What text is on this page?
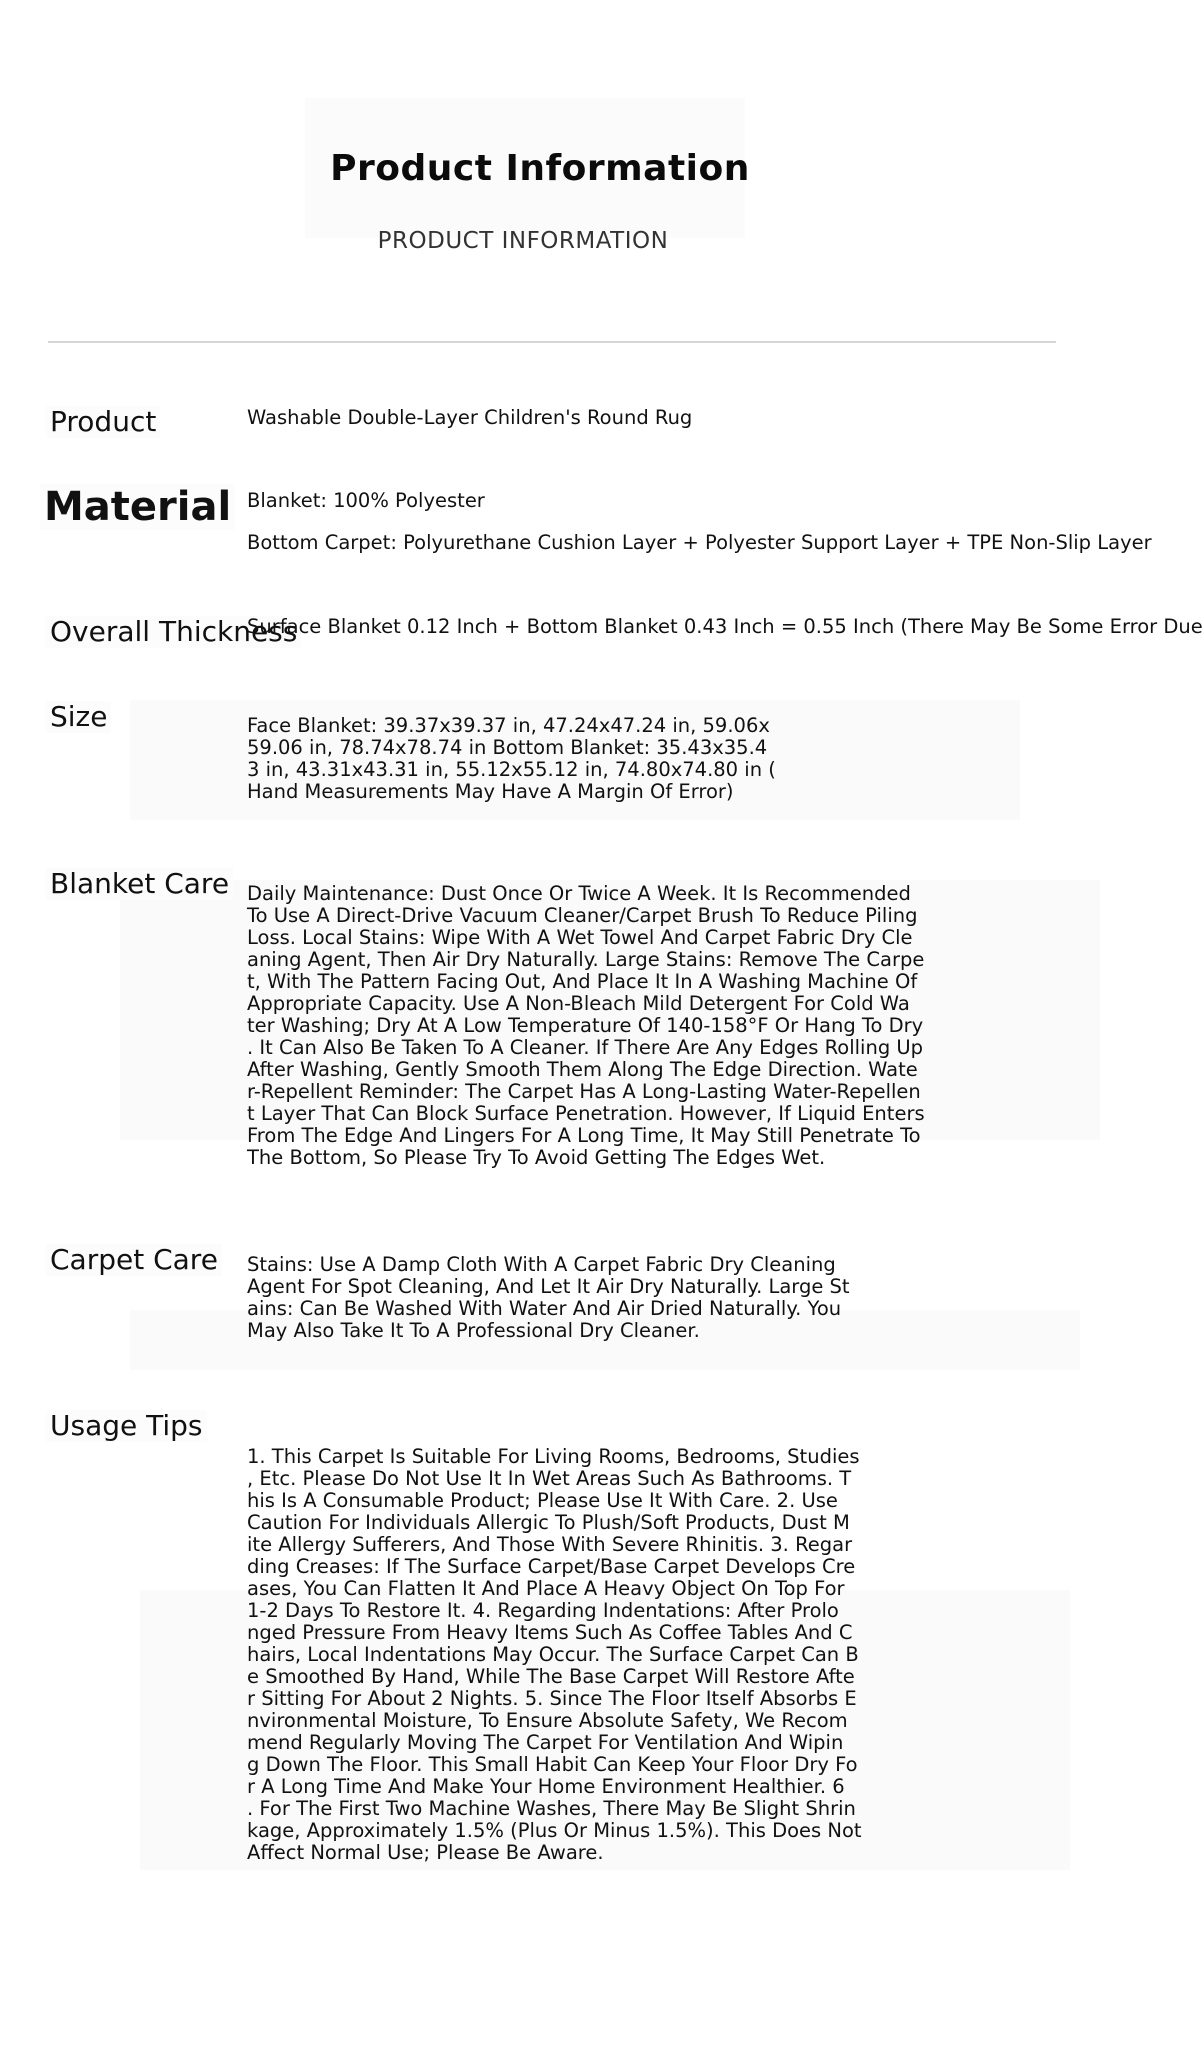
Product Information
PRODUCT INFORMATION
Product	Washable Double-Layer Children's Round Rug
Material Blanket: 100% Polyester
Bottom Carpet: Polyurethane Cushion Layer + Polyester Support Layer + TPE Non-Slip Layer
Overall Thickness
Surface Blanket 0.12 Inch + Bottom Blanket 0.43 Inch = 0.55 Inch (There May Be Some Error Due
Size	Face Blanket: 39.37x39.37 in, 47.24x47.24 in, 59.06x
59.06 in, 78.74x78.74 in Bottom Blanket: 35.43x35.4
3 in, 43.31x43.31 in, 55.12x55.12 in, 74.80x74.80 in (
Hand Measurements May Have A Margin Of Error)
Blanket Care Daily Maintenance: Dust Once Or Twice A Week. It Is Recommended
To Use A Direct-Drive Vacuum Cleaner/Carpet Brush To Reduce Piling
Loss. Local Stains: Wipe With A Wet Towel And Carpet Fabric Dry Cle
aning Agent, Then Air Dry Naturally. Large Stains: Remove The Carpe
t, With The Pattern Facing Out, And Place It In A Washing Machine Of
Appropriate Capacity. Use A Non-Bleach Mild Detergent For Cold Wa
ter Washing; Dry At A Low Temperature Of 140-158°F Or Hang To Dry
. It Can Also Be Taken To A Cleaner. If There Are Any Edges Rolling Up
After Washing, Gently Smooth Them Along The Edge Direction. Wate
r-Repellent Reminder: The Carpet Has A Long-Lasting Water-Repellen
t Layer That Can Block Surface Penetration. However, If Liquid Enters
From The Edge And Lingers For A Long Time, It May Still Penetrate To
The Bottom, So Please Try To Avoid Getting The Edges Wet.
Carpet Care Stains: Use A Damp Cloth With A Carpet Fabric Dry Cleaning
Agent For Spot Cleaning, And Let It Air Dry Naturally. Large St
ains: Can Be Washed With Water And Air Dried Naturally. You
May Also Take It To A Professional Dry Cleaner.
Usage Tips
1. This Carpet Is Suitable For Living Rooms, Bedrooms, Studies
, Etc. Please Do Not Use It In Wet Areas Such As Bathrooms. T
his Is A Consumable Product; Please Use It With Care. 2. Use
Caution For Individuals Allergic To Plush/Soft Products, Dust M
ite Allergy Sufferers, And Those With Severe Rhinitis. 3. Regar
ding Creases: If The Surface Carpet/Base Carpet Develops Cre
ases, You Can Flatten It And Place A Heavy Object On Top For
1-2 Days To Restore It. 4. Regarding Indentations: After Prolo
nged Pressure From Heavy Items Such As Coffee Tables And C
hairs, Local Indentations May Occur. The Surface Carpet Can B
e Smoothed By Hand, While The Base Carpet Will Restore Afte
r Sitting For About 2 Nights. 5. Since The Floor Itself Absorbs E
nvironmental Moisture, To Ensure Absolute Safety, We Recom
mend Regularly Moving The Carpet For Ventilation And Wipin
g Down The Floor. This Small Habit Can Keep Your Floor Dry Fo
r A Long Time And Make Your Home Environment Healthier. 6
. For The First Two Machine Washes, There May Be Slight Shrin
kage, Approximately 1.5% (Plus Or Minus 1.5%). This Does Not
Affect Normal Use; Please Be Aware.
